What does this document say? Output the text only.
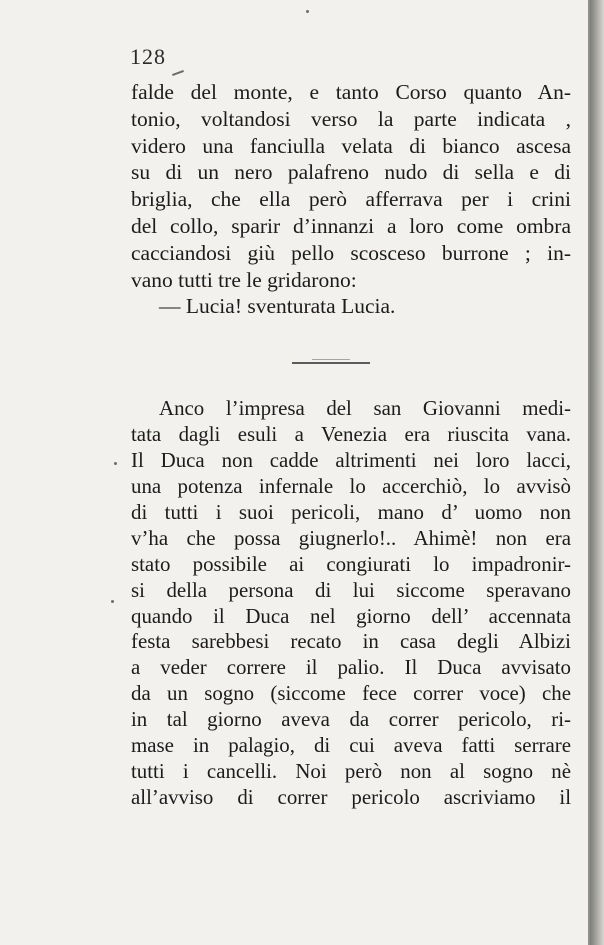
128
falde del monte, e tanto Corso quanto An-
tonio, voltandosi verso la parte indicata ,
videro una fanciulla velata di bianco ascesa
su di un nero palafreno nudo di sella e di
briglia, che ella però afferrava per i crini
del collo, sparir d’innanzi a loro come ombra
cacciandosi giù pello scosceso burrone ; in-
vano tutti tre le gridarono:
— Lucia! sventurata Lucia.
Anco l’impresa del san Giovanni medi-
tata dagli esuli a Venezia era riuscita vana.
Il Duca non cadde altrimenti nei loro lacci,
una potenza infernale lo accerchiò, lo avvisò
di tutti i suoi pericoli, mano d’ uomo non
v’ha che possa giugnerlo!.. Ahimè! non era
stato possibile ai congiurati lo impadronir-
si della persona di lui siccome speravano
quando il Duca nel giorno dell’ accennata
festa sarebbesi recato in casa degli Albizi
a veder correre il palio. Il Duca avvisato
da un sogno (siccome fece correr voce) che
in tal giorno aveva da correr pericolo, ri-
mase in palagio, di cui aveva fatti serrare
tutti i cancelli. Noi però non al sogno nè
all’avviso di correr pericolo ascriviamo il
